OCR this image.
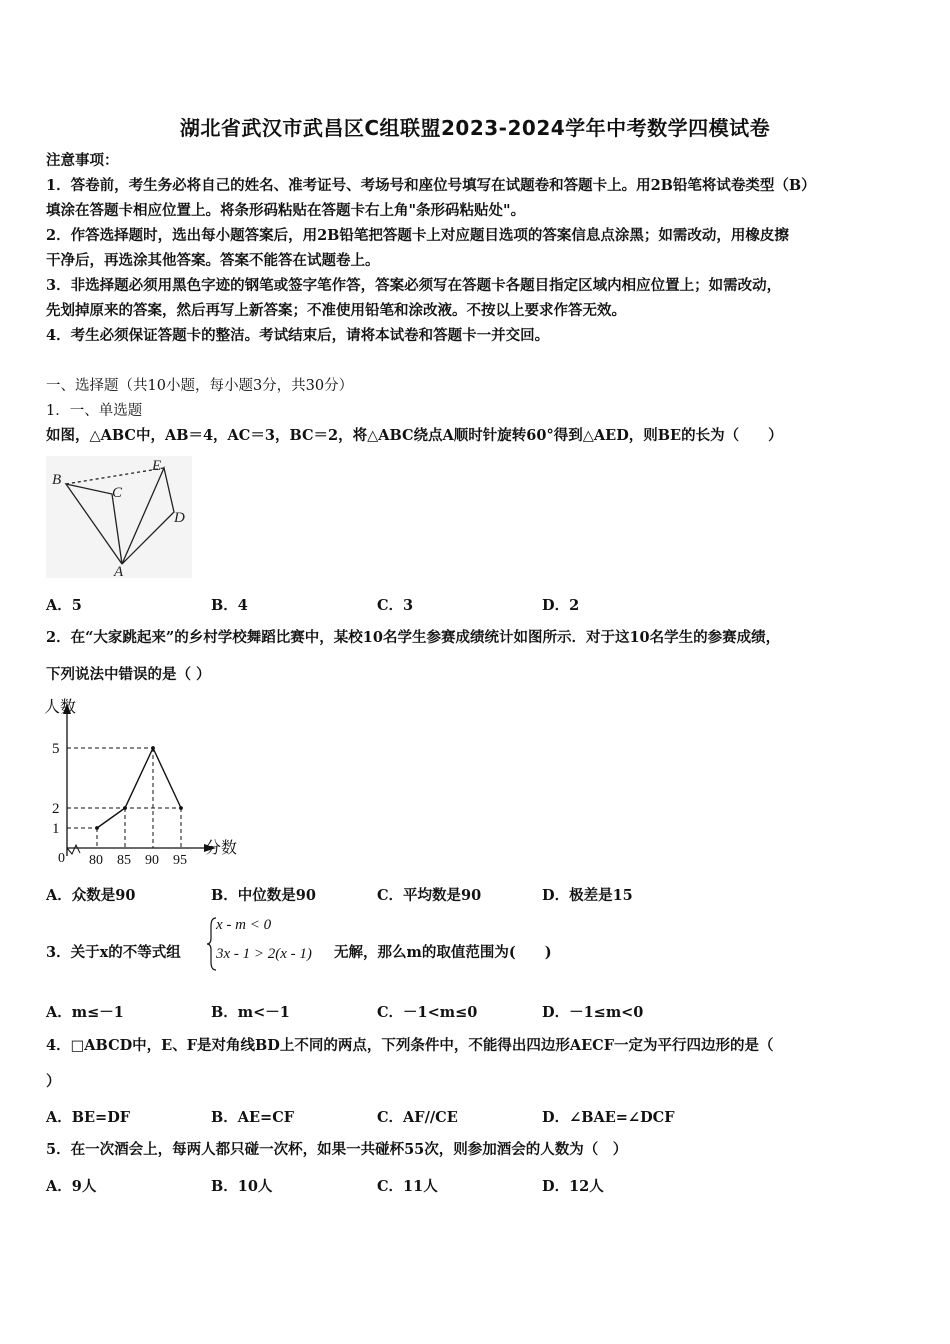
湖北省武汉市武昌区C组联盟2023-2024学年中考数学四模试卷
注意事项：
1．答卷前，考生务必将自己的姓名、准考证号、考场号和座位号填写在试题卷和答题卡上。用2B铅笔将试卷类型（B）
填涂在答题卡相应位置上。将条形码粘贴在答题卡右上角"条形码粘贴处"。
2．作答选择题时，选出每小题答案后，用2B铅笔把答题卡上对应题目选项的答案信息点涂黑；如需改动，用橡皮擦
干净后，再选涂其他答案。答案不能答在试题卷上。
3．非选择题必须用黑色字迹的钢笔或签字笔作答，答案必须写在答题卡各题目指定区域内相应位置上；如需改动，
先划掉原来的答案，然后再写上新答案；不准使用铅笔和涂改液。不按以上要求作答无效。
4．考生必须保证答题卡的整洁。考试结束后，请将本试卷和答题卡一并交回。
一、选择题（共10小题，每小题3分，共30分）
1．一、单选题
如图，△ABC中，AB＝4，AC＝3，BC＝2，将△ABC绕点A顺时针旋转60°得到△AED，则BE的长为（　　）
B
C
E
D
A
A．5	B．4	C．3	D．2
2．在“大家跳起来”的乡村学校舞蹈比赛中，某校10名学生参赛成绩统计如图所示．对于这10名学生的参赛成绩，
下列说法中错误的是（ ）
1
2
5
80 85 90 95
人数
分数
0
A．众数是90	B．中位数是90	C．平均数是90	D．极差是15
3．关于x的不等式组
x - m < 0
3x - 1 > 2(x - 1) 无解，那么m的取值范围为(　　)
A．m≤－1	B．m<－1	C．－1<m≤0	D．－1≤m<0
4．□ABCD中，E、F是对角线BD上不同的两点，下列条件中，不能得出四边形AECF一定为平行四边形的是（
）
A．BE=DF	B．AE=CF	C．AF//CE	D．∠BAE=∠DCF
5．在一次酒会上，每两人都只碰一次杯，如果一共碰杯55次，则参加酒会的人数为（　）
A．9人	B．10人	C．11人	D．12人
